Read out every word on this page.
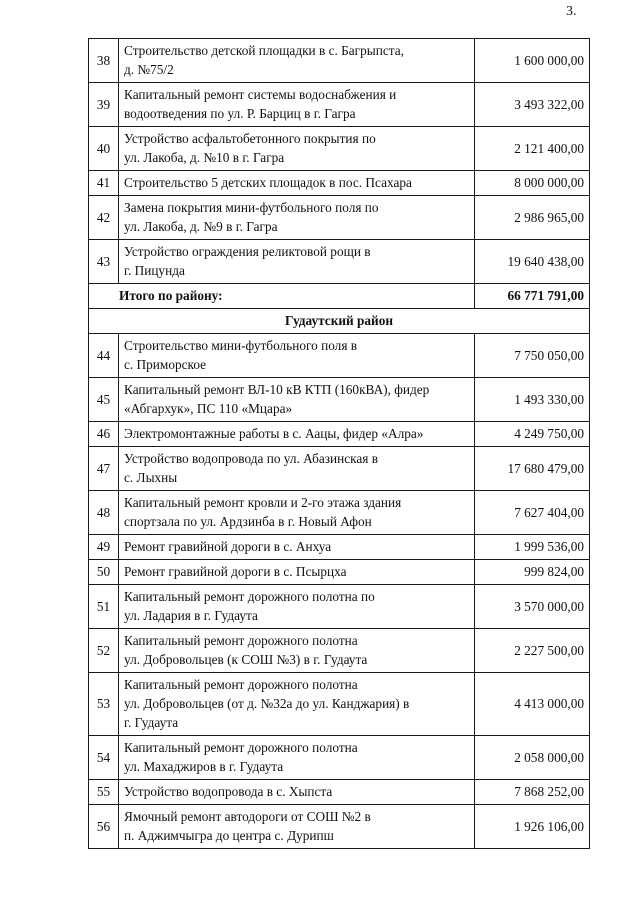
3.
38	Строительство детской площадки в с. Багрыпста,
д. №75/2	1 600 000,00
39	Капитальный ремонт системы водоснабжения и
водоотведения по ул. Р. Барциц в г. Гагра	3 493 322,00
40	Устройство асфальтобетонного покрытия по
ул. Лакоба, д. №10 в г. Гагра	2 121 400,00
41	Строительство 5 детских площадок в пос. Псахара	8 000 000,00
42	Замена покрытия мини-футбольного поля по
ул. Лакоба, д. №9 в г. Гагра	2 986 965,00
43	Устройство ограждения реликтовой рощи в
г. Пицунда	19 640 438,00
Итого по району:		66 771 791,00
Гудаутский район		
44	Строительство мини-футбольного поля в
с. Приморское	7 750 050,00
45	Капитальный ремонт ВЛ-10 кВ КТП (160кВА), фидер
«Абгархук», ПС 110 «Мцара»	1 493 330,00
46	Электромонтажные работы в с. Аацы, фидер «Алра»	4 249 750,00
47	Устройство водопровода по ул. Абазинская в
с. Лыхны	17 680 479,00
48	Капитальный ремонт кровли и 2-го этажа здания
спортзала по ул. Ардзинба в г. Новый Афон	7 627 404,00
49	Ремонт гравийной дороги в с. Анхуа	1 999 536,00
50	Ремонт гравийной дороги в с. Псырцха	999 824,00
51	Капитальный ремонт дорожного полотна по
ул. Ладария в г. Гудаута	3 570 000,00
52	Капитальный ремонт дорожного полотна
ул. Добровольцев (к СОШ №3) в г. Гудаута	2 227 500,00
53	Капитальный ремонт дорожного полотна
ул. Добровольцев (от д. №32а до ул. Канджария) в
г. Гудаута	4 413 000,00
54	Капитальный ремонт дорожного полотна
ул. Махаджиров в г. Гудаута	2 058 000,00
55	Устройство водопровода в с. Хыпста	7 868 252,00
56	Ямочный ремонт автодороги от СОШ №2 в
п. Аджимчыгра до центра с. Дурипш	1 926 106,00
